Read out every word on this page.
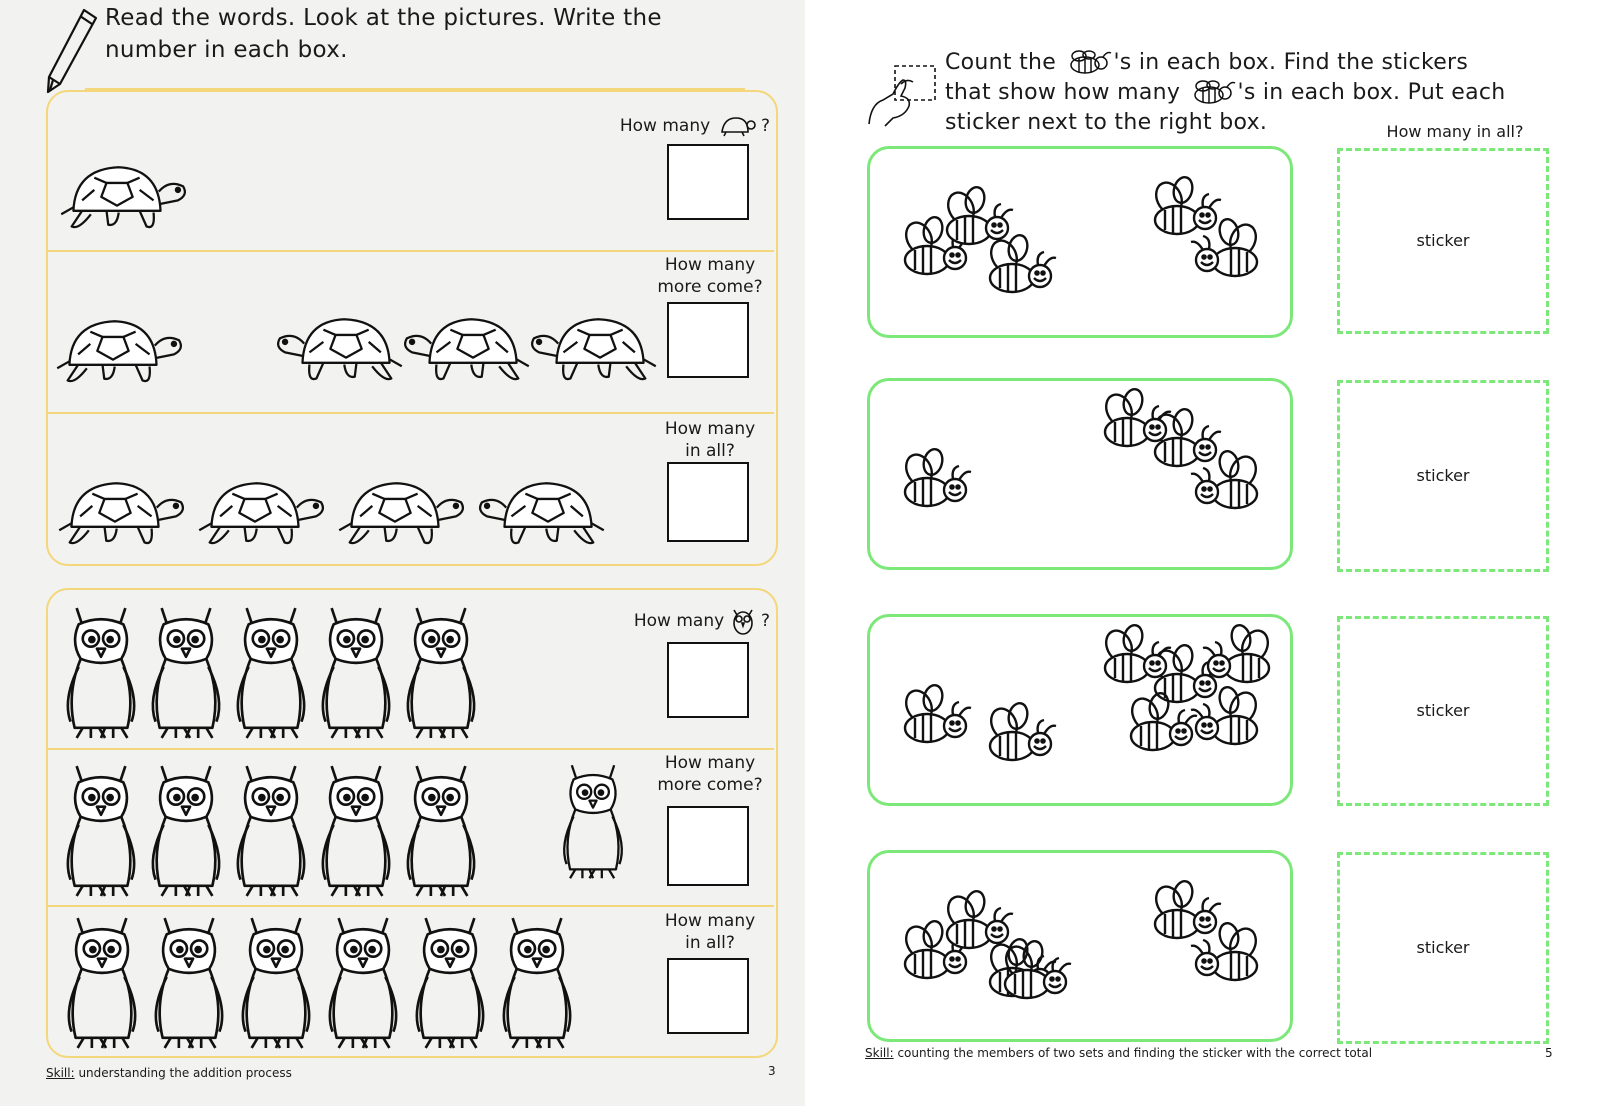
Read the words. Look at the pictures. Write the number in each box.
How many	?
How many
more come?
How many
in all?
How many ?
How many
more come?
How many
in all?
Skill: understanding the addition process	3
Count the	's in each box. Find the stickers
that show how many	's in each box. Put each
sticker next to the right box.	How many in all?
sticker
sticker
sticker
sticker
Skill: counting the members of two sets and finding the sticker with the correct total	5
